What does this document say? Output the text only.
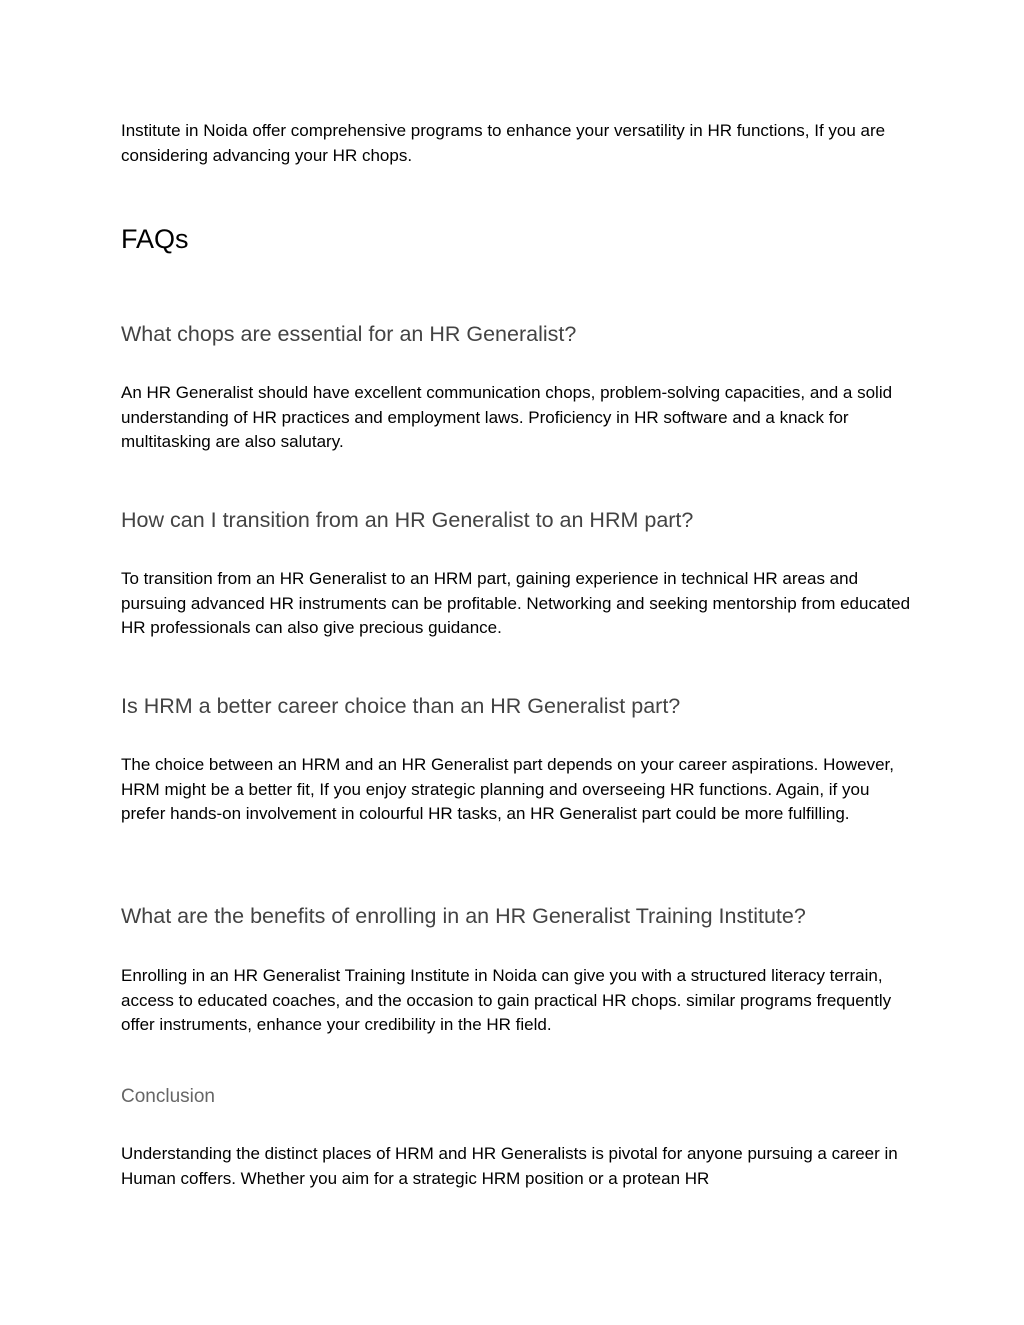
Institute in Noida offer comprehensive programs to enhance your versatility in HR functions, If you are considering advancing your HR chops.

FAQs
What chops are essential for an HR Generalist?

An HR Generalist should have excellent communication chops, problem-solving capacities, and a solid understanding of HR practices and employment laws. Proficiency in HR software and a knack for multitasking are also salutary.

How can I transition from an HR Generalist to an HRM part?

To transition from an HR Generalist to an HRM part, gaining experience in technical HR areas and pursuing advanced HR instruments can be profitable. Networking and seeking mentorship from educated HR professionals can also give precious guidance.

Is HRM a better career choice than an HR Generalist part?

The choice between an HRM and an HR Generalist part depends on your career aspirations. However, HRM might be a better fit, If you enjoy strategic planning and overseeing HR functions. Again, if you prefer hands-on involvement in colourful HR tasks, an HR Generalist part could be more fulfilling.

What are the benefits of enrolling in an HR Generalist Training Institute?

Enrolling in an HR Generalist Training Institute in Noida can give you with a structured literacy terrain, access to educated coaches, and the occasion to gain practical HR chops. similar programs frequently offer instruments, enhance your credibility in the HR field.

Conclusion

Understanding the distinct places of HRM and HR Generalists is pivotal for anyone pursuing a career in Human coffers. Whether you aim for a strategic HRM position or a protean HR
